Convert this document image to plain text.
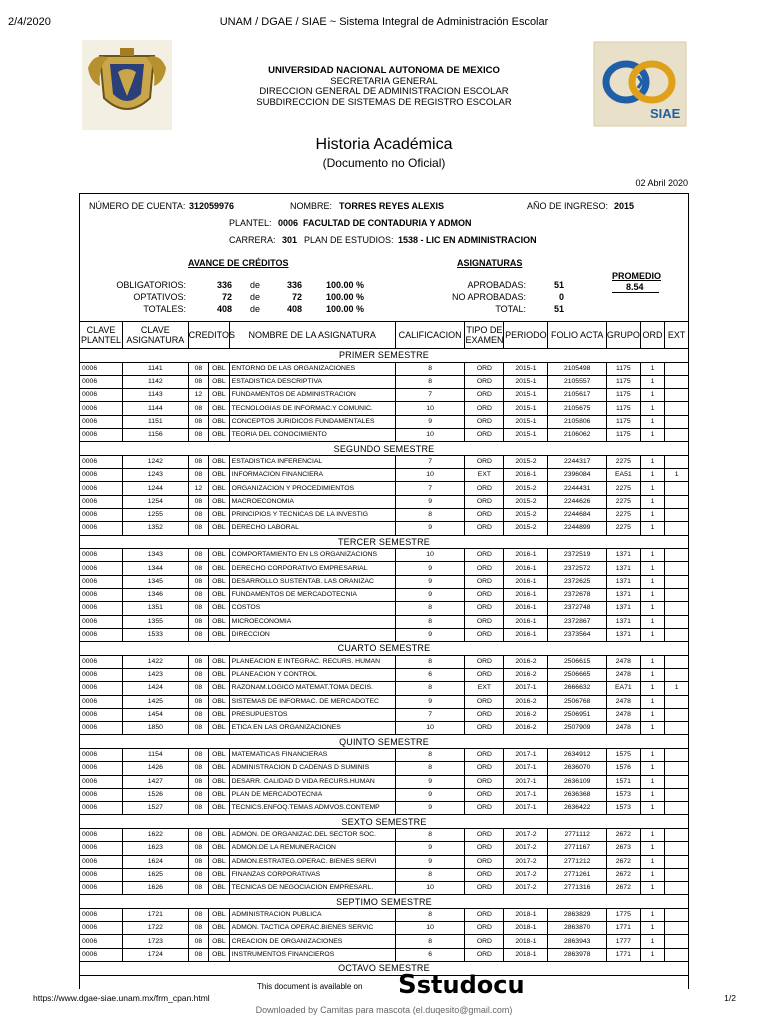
2/4/2020	UNAM / DGAE / SIAE ~ Sistema Integral de Administración Escolar
UNIVERSIDAD NACIONAL AUTONOMA DE MEXICO
SECRETARIA GENERAL
DIRECCION GENERAL DE ADMINISTRACION ESCOLAR
SUBDIRECCION DE SISTEMAS DE REGISTRO ESCOLAR
SIAE
Historia Académica
(Documento no Oficial)
02 Abril 2020
NÚMERO DE CUENTA: 312059976	NOMBRE: TORRES REYES ALEXIS	AÑO DE INGRESO: 2015
PLANTEL: 0006  FACULTAD DE CONTADURIA Y ADMON
CARRERA: 301 PLAN DE ESTUDIOS: 1538 - LIC EN ADMINISTRACION
AVANCE DE CRÉDITOS
OBLIGATORIOS:	336 de	336	100.00 %
OPTATIVOS:	72 de	72	100.00 %
TOTALES:	408 de	408	100.00 %
ASIGNATURAS
APROBADAS:	51
NO APROBADAS:	0
TOTAL:	51
PROMEDIO
8.54
CLAVE PLANTEL	CLAVE ASIGNATURA	CREDITOS		NOMBRE DE LA ASIGNATURA	CALIFICACION	TIPO DE EXAMEN	PERIODO	FOLIO ACTA	GRUPO	ORD	EXT
PRIMER SEMESTRE											
0006	1141	08	OBL	ENTORNO DE LAS ORGANIZACIONES	8	ORD	2015-1	2105498	1175	1	
0006	1142	08	OBL	ESTADISTICA DESCRIPTIVA	8	ORD	2015-1	2105557	1175	1	
0006	1143	12	OBL	FUNDAMENTOS DE ADMINISTRACION	7	ORD	2015-1	2105617	1175	1	
0006	1144	08	OBL	TECNOLOGIAS DE INFORMAC.Y COMUNIC.	10	ORD	2015-1	2105675	1175	1	
0006	1151	08	OBL	CONCEPTOS JURIDICOS FUNDAMENTALES	9	ORD	2015-1	2105806	1175	1	
0006	1156	08	OBL	TEORIA DEL CONOCIMIENTO	10	ORD	2015-1	2106062	1175	1	
SEGUNDO SEMESTRE											
0006	1242	08	OBL	ESTADISTICA INFERENCIAL	7	ORD	2015-2	2244317	2275	1	
0006	1243	08	OBL	INFORMACION FINANCIERA	10	EXT	2016-1	2396084	EA51	1	1
0006	1244	12	OBL	ORGANIZACION Y PROCEDIMIENTOS	7	ORD	2015-2	2244431	2275	1	
0006	1254	08	OBL	MACROECONOMIA	9	ORD	2015-2	2244626	2275	1	
0006	1255	08	OBL	PRINCIPIOS Y TECNICAS DE LA INVESTIG	8	ORD	2015-2	2244684	2275	1	
0006	1352	08	OBL	DERECHO LABORAL	9	ORD	2015-2	2244899	2275	1	
TERCER SEMESTRE											
0006	1343	08	OBL	COMPORTAMIENTO EN LS ORGANIZACIONS	10	ORD	2016-1	2372519	1371	1	
0006	1344	08	OBL	DERECHO CORPORATIVO EMPRESARIAL	9	ORD	2016-1	2372572	1371	1	
0006	1345	08	OBL	DESARROLLO SUSTENTAB. LAS ORANIZAC	9	ORD	2016-1	2372625	1371	1	
0006	1346	08	OBL	FUNDAMENTOS DE MERCADOTECNIA	9	ORD	2016-1	2372678	1371	1	
0006	1351	08	OBL	COSTOS	8	ORD	2016-1	2372748	1371	1	
0006	1355	08	OBL	MICROECONOMIA	8	ORD	2016-1	2372867	1371	1	
0006	1533	08	OBL	DIRECCION	9	ORD	2016-1	2373564	1371	1	
CUARTO SEMESTRE											
0006	1422	08	OBL	PLANEACION E INTEGRAC. RECURS. HUMAN	8	ORD	2016-2	2506615	2478	1	
0006	1423	08	OBL	PLANEACION Y CONTROL	6	ORD	2016-2	2506665	2478	1	
0006	1424	08	OBL	RAZONAM.LOGICO MATEMAT.TOMA DECIS.	8	EXT	2017-1	2666632	EA71	1	1
0006	1425	08	OBL	SISTEMAS DE INFORMAC. DE MERCADOTEC	9	ORD	2016-2	2506768	2478	1	
0006	1454	08	OBL	PRESUPUESTOS	7	ORD	2016-2	2506951	2478	1	
0006	1850	08	OBL	ETICA EN LAS ORGANIZACIONES	10	ORD	2016-2	2507909	2478	1	
QUINTO SEMESTRE											
0006	1154	08	OBL	MATEMATICAS FINANCIERAS	8	ORD	2017-1	2634912	1575	1	
0006	1426	08	OBL	ADMINISTRACION D CADENAS D SUMINIS	8	ORD	2017-1	2636070	1576	1	
0006	1427	08	OBL	DESARR. CALIDAD D VIDA RECURS.HUMAN	9	ORD	2017-1	2636109	1571	1	
0006	1526	08	OBL	PLAN DE MERCADOTECNIA	9	ORD	2017-1	2636368	1573	1	
0006	1527	08	OBL	TECNICS.ENFOQ.TEMAS ADMVOS.CONTEMP	9	ORD	2017-1	2636422	1573	1	
SEXTO SEMESTRE											
0006	1622	08	OBL	ADMON. DE ORGANIZAC.DEL SECTOR SOC.	8	ORD	2017-2	2771112	2672	1	
0006	1623	08	OBL	ADMON.DE LA REMUNERACION	9	ORD	2017-2	2771167	2673	1	
0006	1624	08	OBL	ADMON.ESTRATEG.OPERAC. BIENES SERVI	9	ORD	2017-2	2771212	2672	1	
0006	1625	08	OBL	FINANZAS CORPORATIVAS	8	ORD	2017-2	2771261	2672	1	
0006	1626	08	OBL	TECNICAS DE NEGOCIACION EMPRESARL.	10	ORD	2017-2	2771316	2672	1	
SEPTIMO SEMESTRE											
0006	1721	08	OBL	ADMINISTRACION PUBLICA	8	ORD	2018-1	2863829	1775	1	
0006	1722	08	OBL	ADMON. TACTICA OPERAC.BIENES SERVIC	10	ORD	2018-1	2863870	1771	1	
0006	1723	08	OBL	CREACION DE ORGANIZACIONES	8	ORD	2018-1	2863943	1777	1	
0006	1724	08	OBL	INSTRUMENTOS FINANCIEROS	6	ORD	2018-1	2863978	1771	1	
OCTAVO SEMESTRE											
This document is available on Sstudocu
https://www.dgae-siae.unam.mx/frm_cpan.html	1/2
Downloaded by Camitas para mascota (el.duqesito@gmail.com)
